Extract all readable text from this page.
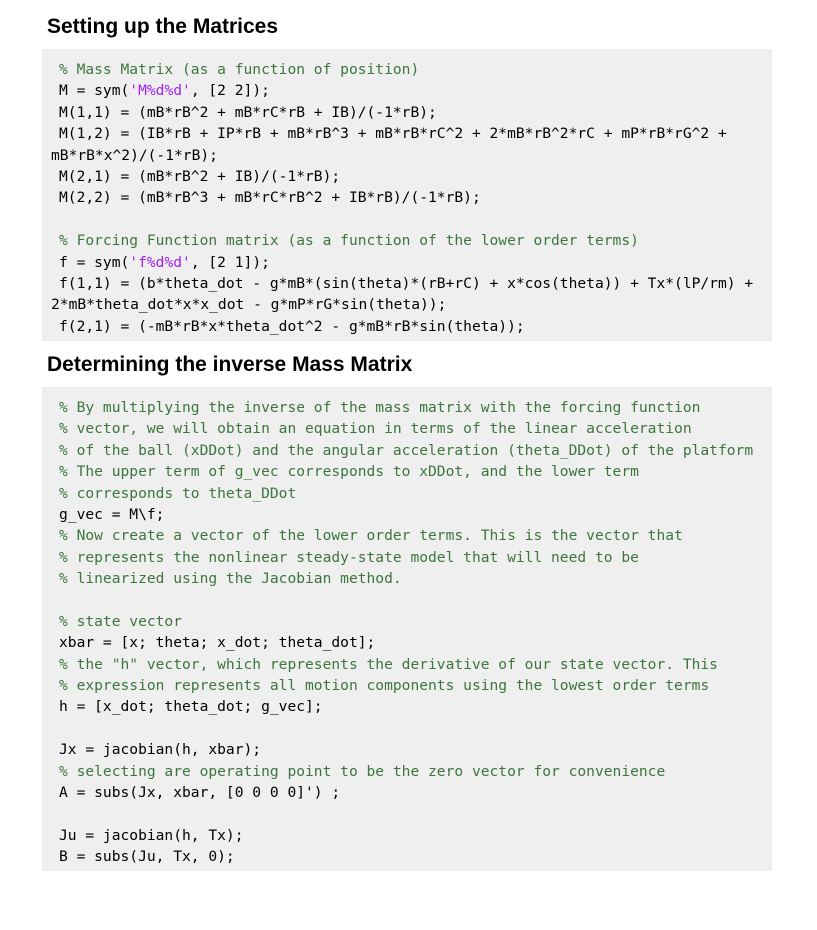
Setting up the Matrices
% Mass Matrix (as a function of position)
M = sym('M%d%d', [2 2]);
M(1,1) = (mB*rB^2 + mB*rC*rB + IB)/(-1*rB);
M(1,2) = (IB*rB + IP*rB + mB*rB^3 + mB*rB*rC^2 + 2*mB*rB^2*rC + mP*rB*rG^2 +
mB*rB*x^2)/(-1*rB);
M(2,1) = (mB*rB^2 + IB)/(-1*rB);
M(2,2) = (mB*rB^3 + mB*rC*rB^2 + IB*rB)/(-1*rB);
% Forcing Function matrix (as a function of the lower order terms)
f = sym('f%d%d', [2 1]);
f(1,1) = (b*theta_dot - g*mB*(sin(theta)*(rB+rC) + x*cos(theta)) + Tx*(lP/rm) +
2*mB*theta_dot*x*x_dot - g*mP*rG*sin(theta));
f(2,1) = (-mB*rB*x*theta_dot^2 - g*mB*rB*sin(theta));
Determining the inverse Mass Matrix
% By multiplying the inverse of the mass matrix with the forcing function
% vector, we will obtain an equation in terms of the linear acceleration
% of the ball (xDDot) and the angular acceleration (theta_DDot) of the platform
% The upper term of g_vec corresponds to xDDot, and the lower term
% corresponds to theta_DDot
g_vec = M\f;
% Now create a vector of the lower order terms. This is the vector that
% represents the nonlinear steady-state model that will need to be
% linearized using the Jacobian method.
% state vector
xbar = [x; theta; x_dot; theta_dot];
% the "h" vector, which represents the derivative of our state vector. This
% expression represents all motion components using the lowest order terms
h = [x_dot; theta_dot; g_vec];
Jx = jacobian(h, xbar);
% selecting are operating point to be the zero vector for convenience
A = subs(Jx, xbar, [0 0 0 0]') ;
Ju = jacobian(h, Tx);
B = subs(Ju, Tx, 0);
